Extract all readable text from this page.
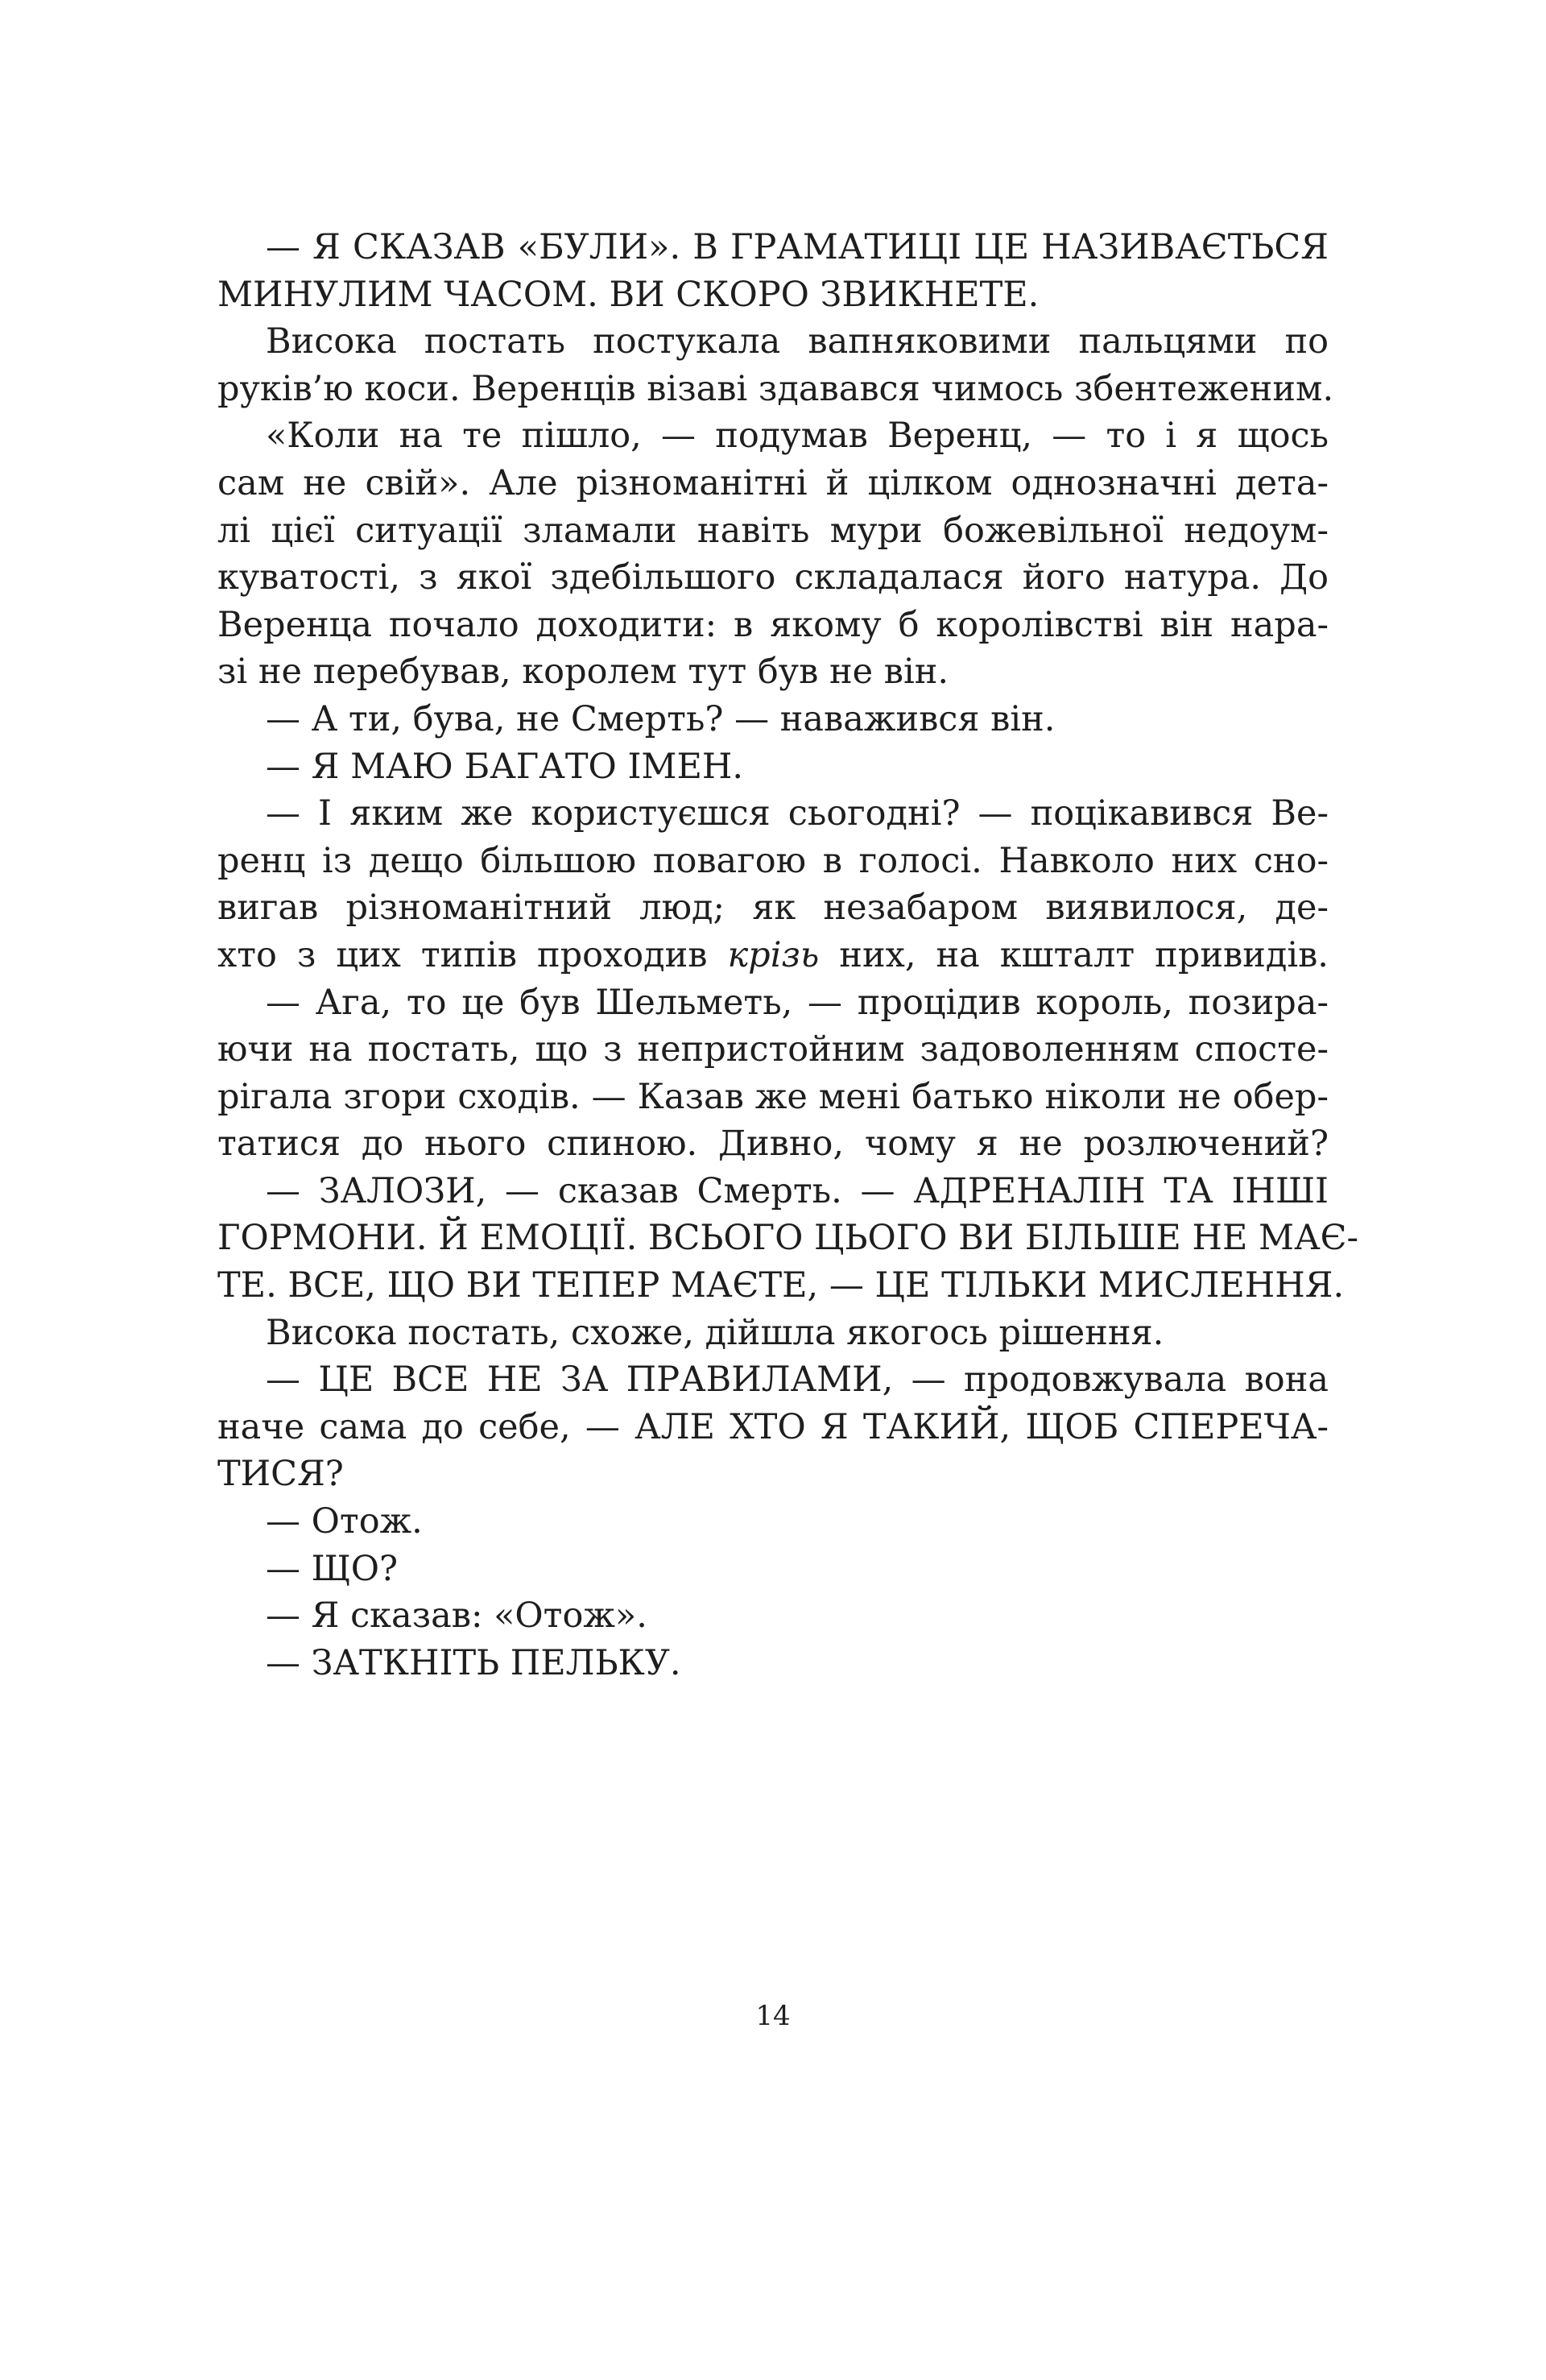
— Я СКАЗАВ «БУЛИ». В ГРАМАТИЦІ ЦЕ НАЗИВАЄТЬСЯ
МИНУЛИМ ЧАСОМ. ВИ СКОРО ЗВИКНЕТЕ.
Висока постать постукала вапняковими пальцями по
руків’ю коси. Веренців візаві здавався чимось збентеженим.
«Коли на те пішло, — подумав Веренц, — то і я щось
сам не свій». Але різноманітні й цілком однозначні дета-
лі цієї ситуації зламали навіть мури божевільної недоум-
куватості, з якої здебільшого складалася його натура. До
Веренца почало доходити: в якому б королівстві він нара-
зі не перебував, королем тут був не він.
— А ти, бува, не Смерть? — наважився він.
— Я МАЮ БАГАТО ІМЕН.
— І яким же користуєшся сьогодні? — поцікавився Ве-
ренц із дещо більшою повагою в голосі. Навколо них сно-
вигав різноманітний люд; як незабаром виявилося, де-
хто з цих типів проходив крізь них, на кшталт привидів.
— Ага, то це був Шельметь, — процідив король, позира-
ючи на постать, що з непристойним задоволенням спосте-
рігала згори сходів. — Казав же мені батько ніколи не обер-
татися до нього спиною. Дивно, чому я не розлючений?
— ЗАЛОЗИ, — сказав Смерть. — АДРЕНАЛІН ТА ІНШІ
ГОРМОНИ. Й ЕМОЦІЇ. ВСЬОГО ЦЬОГО ВИ БІЛЬШЕ НЕ МАЄ-
ТЕ. ВСЕ, ЩО ВИ ТЕПЕР МАЄТЕ, — ЦЕ ТІЛЬКИ МИСЛЕННЯ.
Висока постать, схоже, дійшла якогось рішення.
— ЦЕ ВСЕ НЕ ЗА ПРАВИЛАМИ, — продовжувала вона
наче сама до себе, — АЛЕ ХТО Я ТАКИЙ, ЩОБ СПЕРЕЧА-
ТИСЯ?
— Отож.
— ЩО?
— Я сказав: «Отож».
— ЗАТКНІТЬ ПЕЛЬКУ.
14
